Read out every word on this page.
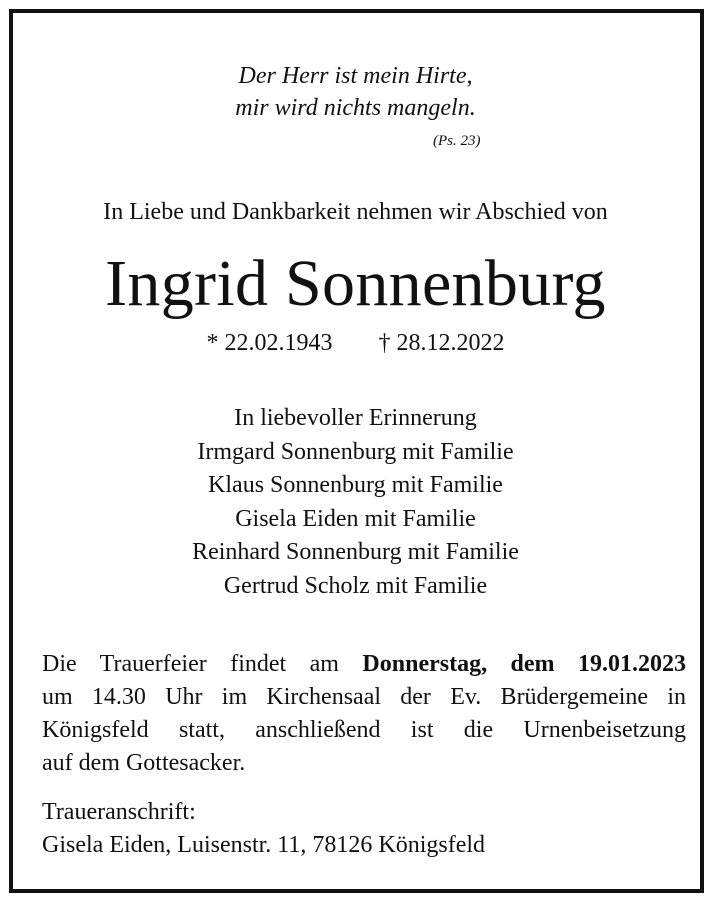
Der Herr ist mein Hirte,
mir wird nichts mangeln.
(Ps. 23)
In Liebe und Dankbarkeit nehmen wir Abschied von
Ingrid Sonnenburg
* 22.02.1943 † 28.12.2022
In liebevoller Erinnerung
Irmgard Sonnenburg mit Familie
Klaus Sonnenburg mit Familie
Gisela Eiden mit Familie
Reinhard Sonnenburg mit Familie
Gertrud Scholz mit Familie
Die Trauerfeier findet am Donnerstag, dem 19.01.2023
um 14.30 Uhr im Kirchensaal der Ev. Brüdergemeine in
Königsfeld statt, anschließend ist die Urnenbeisetzung
auf dem Gottesacker.
Traueranschrift:
Gisela Eiden, Luisenstr. 11, 78126 Königsfeld
